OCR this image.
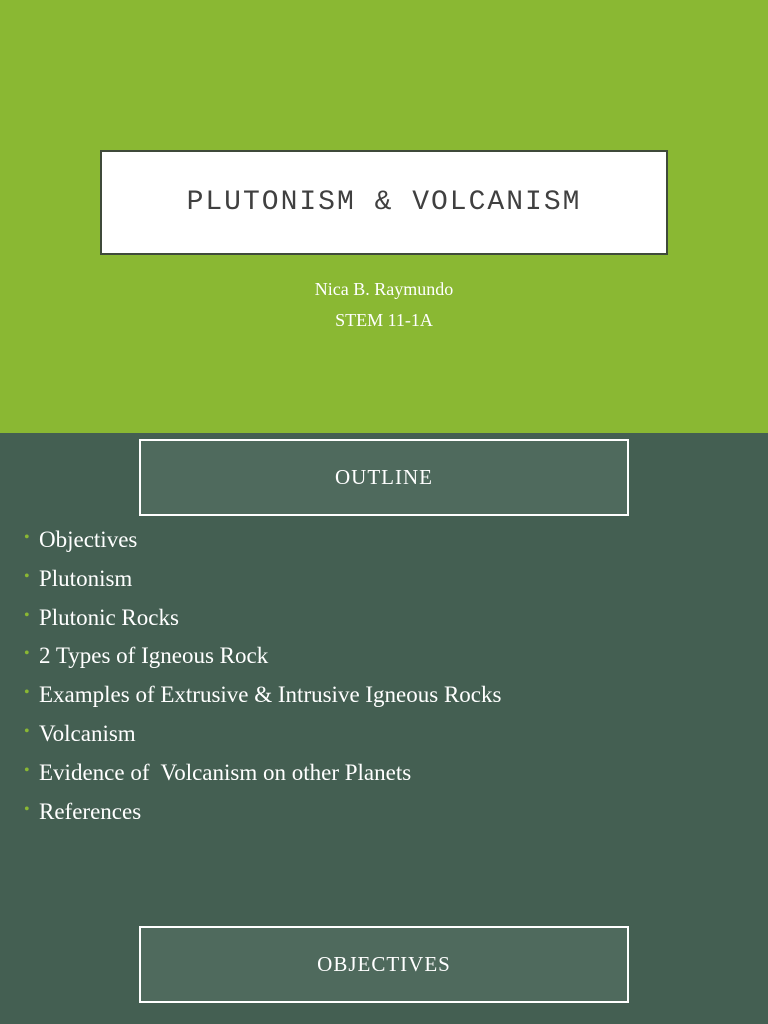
PLUTONISM & VOLCANISM
Nica B. Raymundo
STEM 11-1A
OUTLINE
• Objectives
• Plutonism
• Plutonic Rocks
• 2 Types of Igneous Rock
• Examples of Extrusive & Intrusive Igneous Rocks
• Volcanism
• Evidence of  Volcanism on other Planets
• References
OBJECTIVES
